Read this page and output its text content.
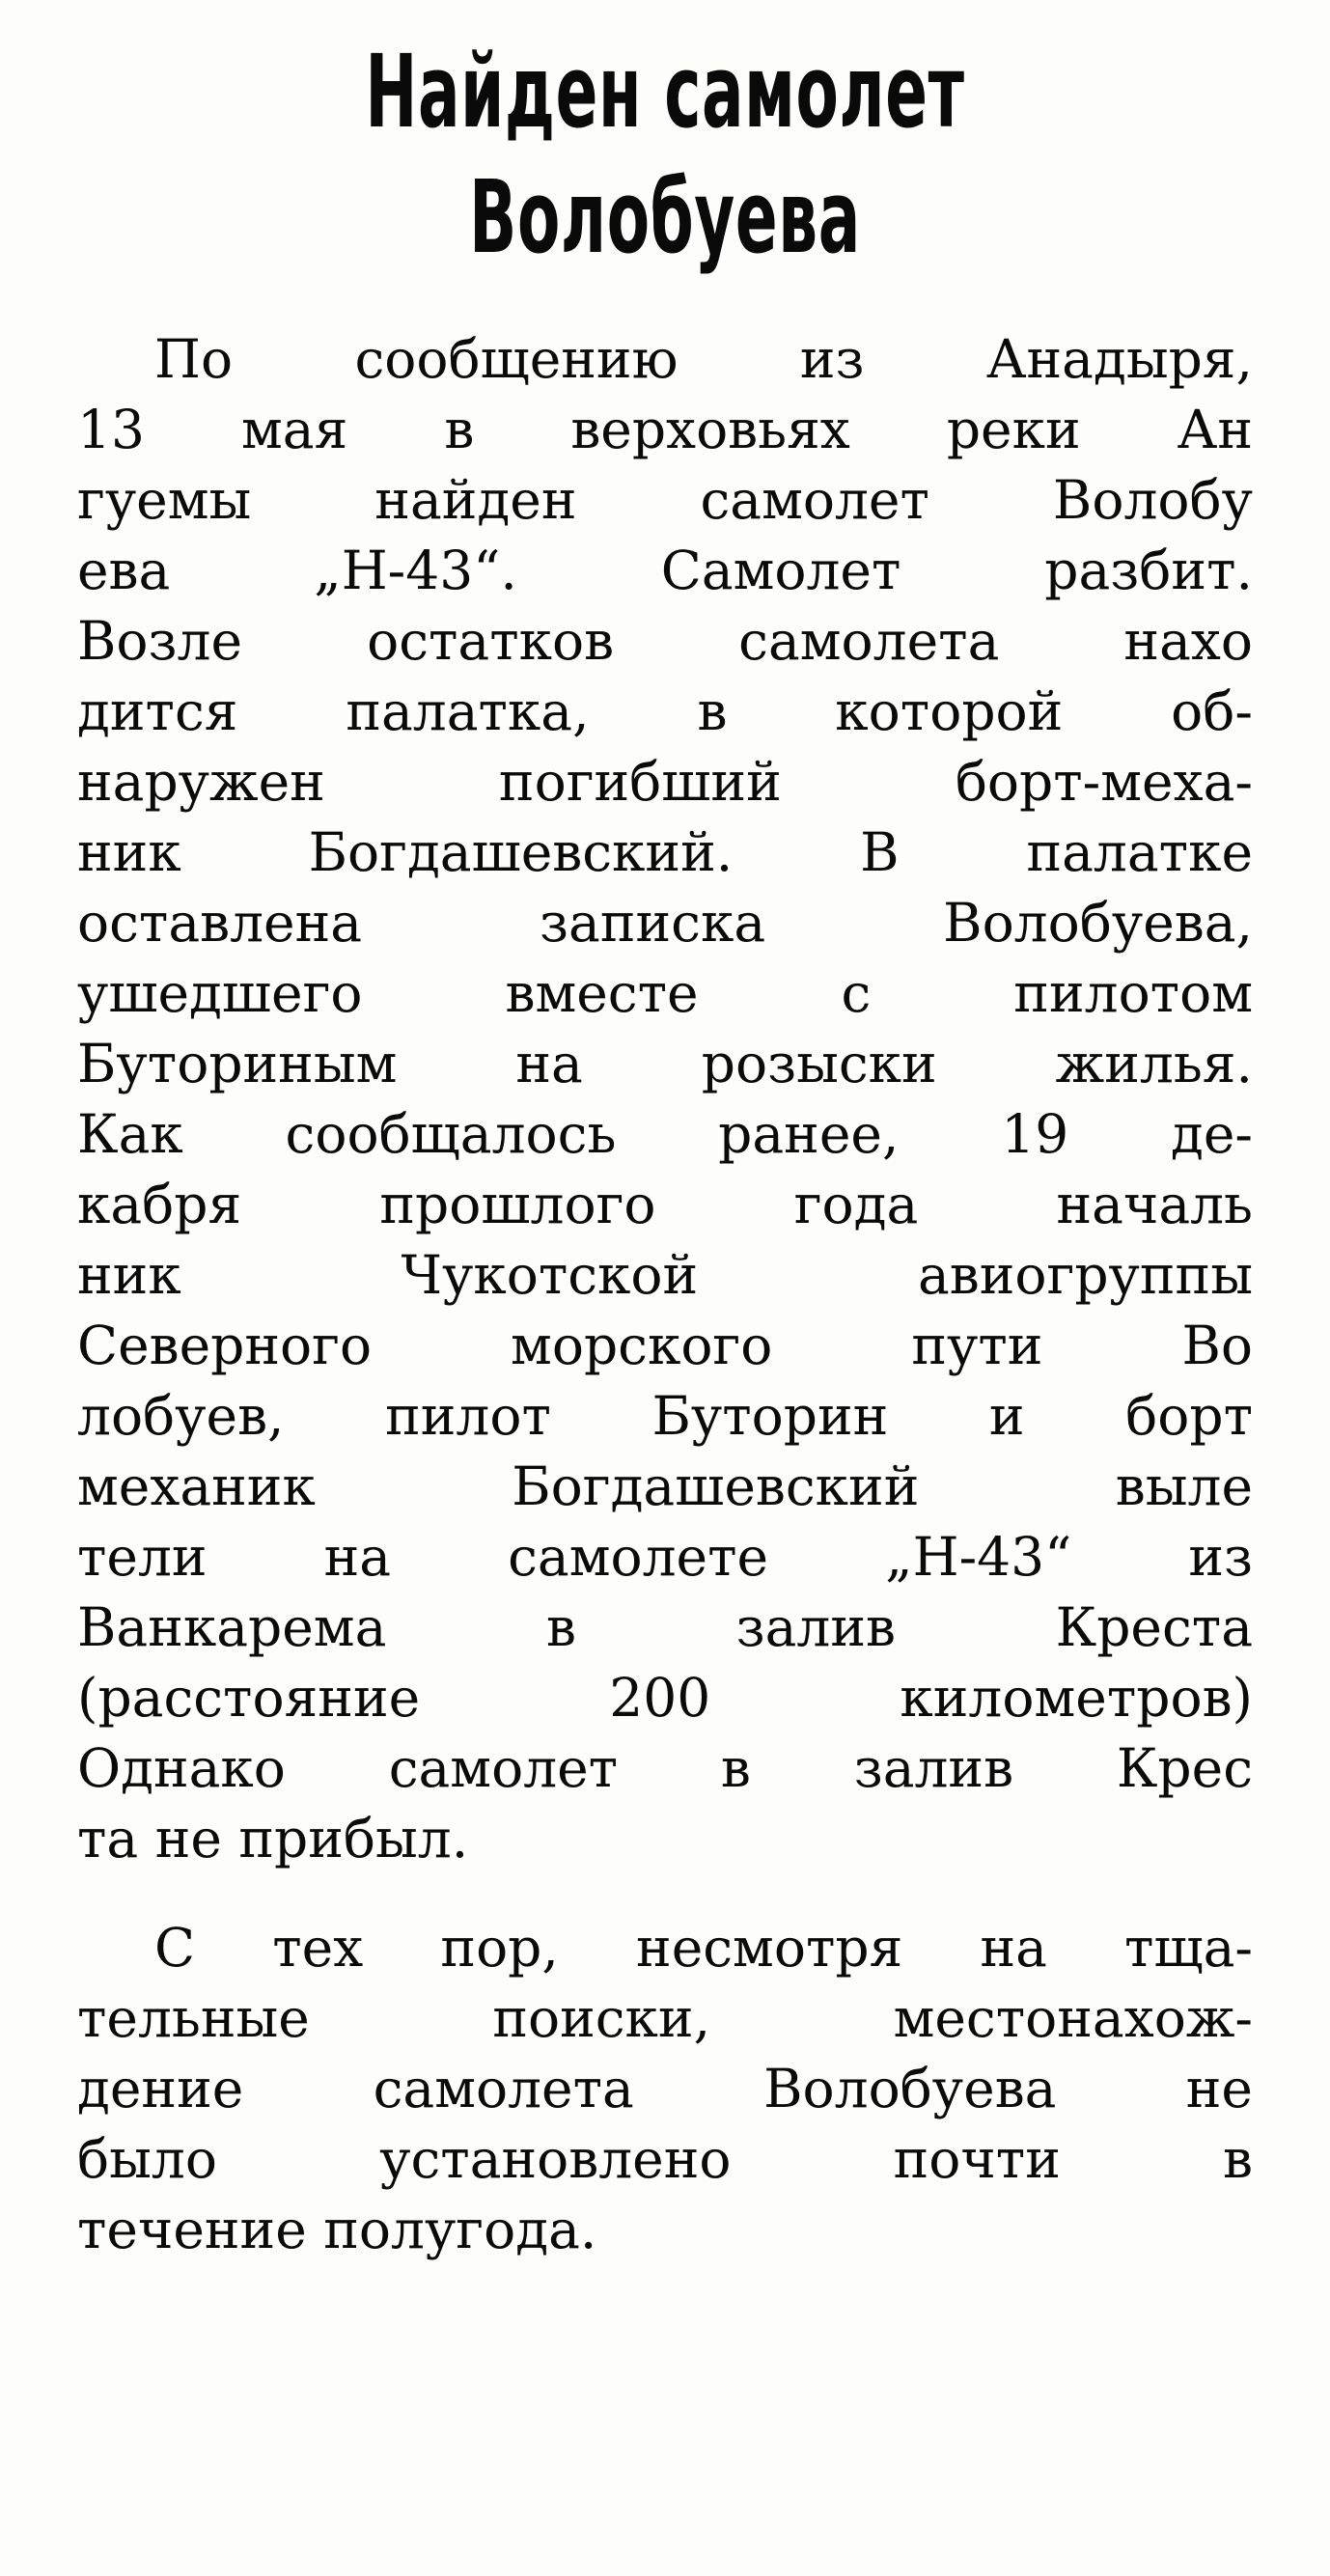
Найден самолет
Волобуева
По сообщению из Анадыря,
13 мая в верховьях реки Ан
гуемы найден самолет Волобу
ева „Н-43“. Самолет разбит.
Возле остатков самолета нахо
дится палатка, в которой об-
наружен погибший борт-меха-
ник Богдашевский. В палатке
оставлена записка Волобуева,
ушедшего вместе с пилотом
Буториным на розыски жилья.
Как сообщалось ранее, 19 де-
кабря прошлого года началь
ник Чукотской авиогруппы
Северного морского пути Во
лобуев, пилот Буторин и борт
механик Богдашевский выле
тели на самолете „Н-43“ из
Ванкарема в залив Креста
(расстояние 200 километров)
Однако самолет в залив Крес
та не прибыл.
С тех пор, несмотря на тща-
тельные поиски, местонахож-
дение самолета Волобуева не
было установлено почти в
течение полугода.
